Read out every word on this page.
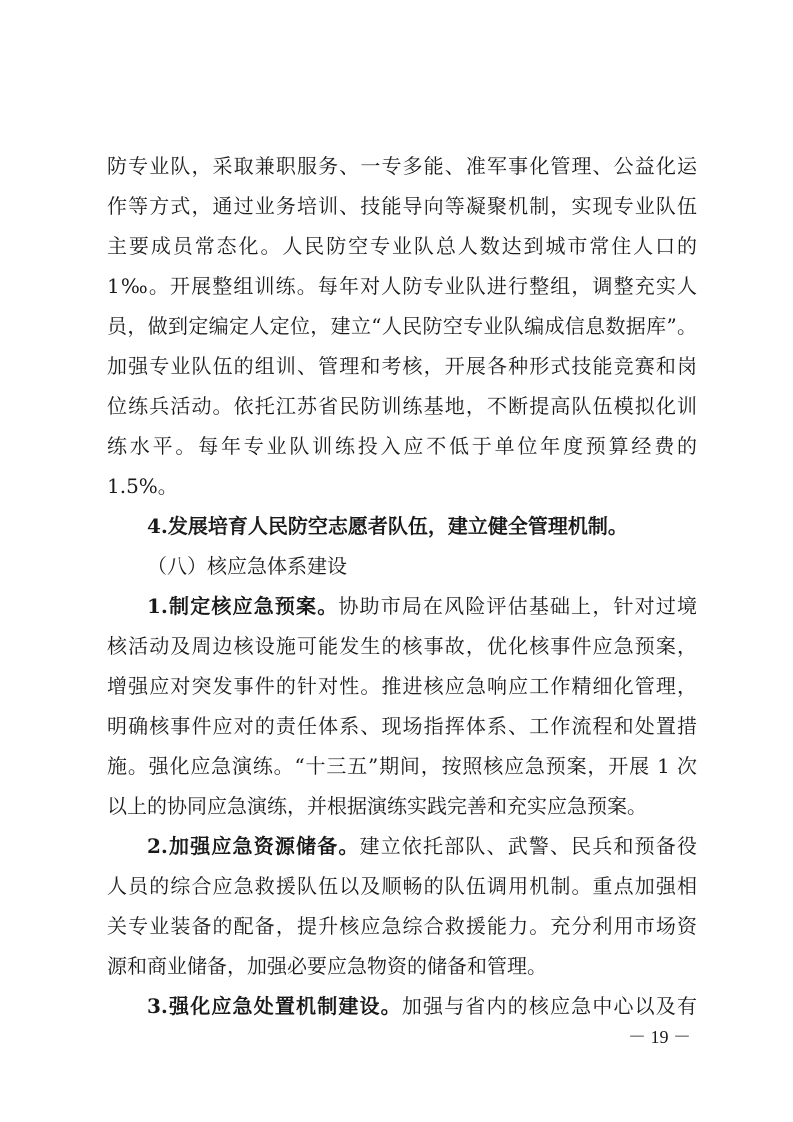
防专业队，采取兼职服务、一专多能、准军事化管理、公益化运
作等方式，通过业务培训、技能导向等凝聚机制，实现专业队伍
主要成员常态化。人民防空专业队总人数达到城市常住人口的
1‰。开展整组训练。每年对人防专业队进行整组，调整充实人
员，做到定编定人定位，建立“人民防空专业队编成信息数据库”。
加强专业队伍的组训、管理和考核，开展各种形式技能竞赛和岗
位练兵活动。依托江苏省民防训练基地，不断提高队伍模拟化训
练水平。每年专业队训练投入应不低于单位年度预算经费的
1.5%。
4.发展培育人民防空志愿者队伍，建立健全管理机制。
（八）核应急体系建设
1.制定核应急预案。协助市局在风险评估基础上，针对过境
核活动及周边核设施可能发生的核事故，优化核事件应急预案，
增强应对突发事件的针对性。推进核应急响应工作精细化管理，
明确核事件应对的责任体系、现场指挥体系、工作流程和处置措
施。强化应急演练。“十三五”期间，按照核应急预案，开展 1 次
以上的协同应急演练，并根据演练实践完善和充实应急预案。
2.加强应急资源储备。建立依托部队、武警、民兵和预备役
人员的综合应急救援队伍以及顺畅的队伍调用机制。重点加强相
关专业装备的配备，提升核应急综合救援能力。充分利用市场资
源和商业储备，加强必要应急物资的储备和管理。
3.强化应急处置机制建设。加强与省内的核应急中心以及有
－ 19 －
